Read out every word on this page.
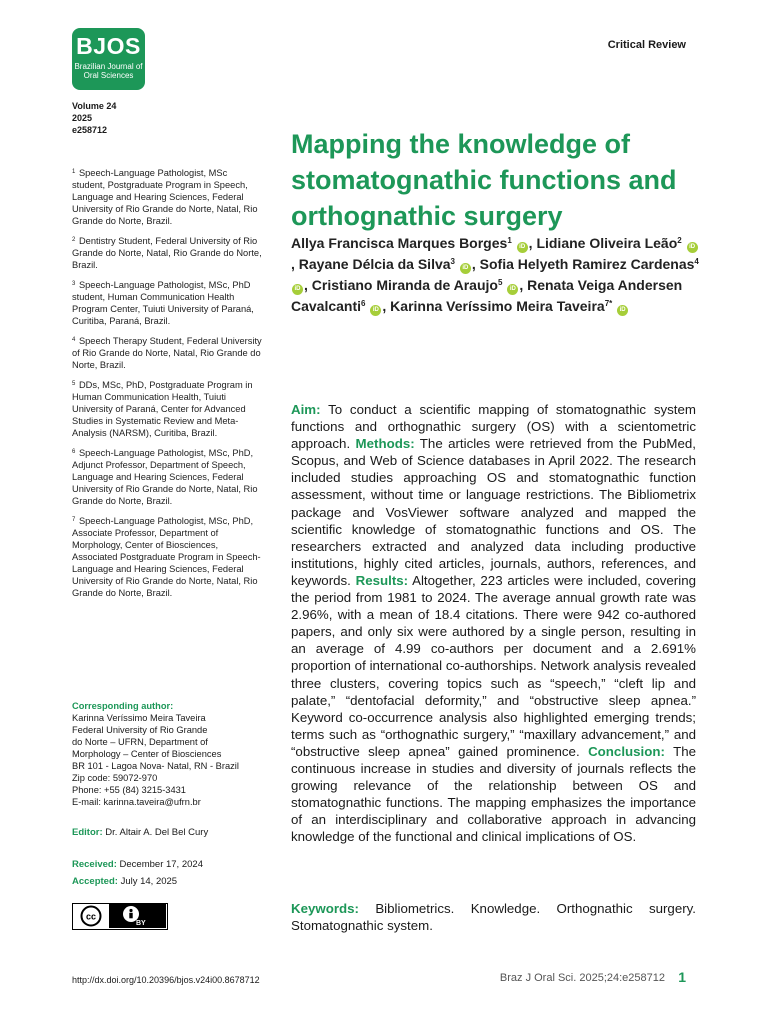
BJOS
Brazilian Journal of Oral Sciences
Critical Review
Volume 24
2025
e258712
$^1$ Speech-Language Pathologist, MSc student, Postgraduate Program in Speech, Language and Hearing Sciences, Federal University of Rio Grande do Norte, Natal, Rio Grande do Norte, Brazil.
$^2$ Dentistry Student, Federal University of Rio Grande do Norte, Natal, Rio Grande do Norte, Brazil.
$^3$ Speech-Language Pathologist, MSc, PhD student, Human Communication Health Program Center, Tuiuti University of Paraná, Curitiba, Paraná, Brazil.
$^4$ Speech Therapy Student, Federal University of Rio Grande do Norte, Natal, Rio Grande do Norte, Brazil.
$^5$ DDs, MSc, PhD, Postgraduate Program in Human Communication Health, Tuiuti University of Paraná, Center for Advanced Studies in Systematic Review and Meta-Analysis (NARSM), Curitiba, Brazil.
$^6$ Speech-Language Pathologist, MSc, PhD, Adjunct Professor, Department of Speech, Language and Hearing Sciences, Federal University of Rio Grande do Norte, Natal, Rio Grande do Norte, Brazil.
$^7$ Speech-Language Pathologist, MSc, PhD, Associate Professor, Department of Morphology, Center of Biosciences, Associated Postgraduate Program in Speech-Language and Hearing Sciences, Federal University of Rio Grande do Norte, Natal, Rio Grande do Norte, Brazil.
Corresponding author:
Karinna Veríssimo Meira Taveira
Federal University of Rio Grande
do Norte – UFRN, Department of
Morphology – Center of Biosciences
BR 101 - Lagoa Nova- Natal, RN - Brazil
Zip code: 59072-970
Phone: +55 (84) 3215-3431
E-mail: karinna.taveira@ufrn.br
Editor: Dr. Altair A. Del Bel Cury
Received: December 17, 2024
Accepted: July 14, 2025
cc
BY
Mapping the knowledge of stomatognathic functions and orthognathic surgery
Allya Francisca Marques Borges$^1$ iD , Lidiane Oliveira Leão$^2$ iD, Rayane Délcia da Silva$^3$ iD , Sofia Helyeth Ramirez Cardenas$^4$ iD , Cristiano Miranda de Araujo$^5$ iD , Renata Veiga Andersen Cavalcanti$^6$ iD , Karinna Veríssimo Meira Taveira$^{7*}$ iD
Aim: To conduct a scientific mapping of stomatognathic system functions and orthognathic surgery (OS) with a scientometric approach. Methods: The articles were retrieved from the PubMed, Scopus, and Web of Science databases in April 2022. The research included studies approaching OS and stomatognathic function assessment, without time or language restrictions. The Bibliometrix package and VosViewer software analyzed and mapped the scientific knowledge of stomatognathic functions and OS. The researchers extracted and analyzed data including productive institutions, highly cited articles, journals, authors, references, and keywords. Results: Altogether, 223 articles were included, covering the period from 1981 to 2024. The average annual growth rate was 2.96%, with a mean of 18.4 citations. There were 942 co-authored papers, and only six were authored by a single person, resulting in an average of 4.99 co-authors per document and a 2.691% proportion of international co-authorships. Network analysis revealed three clusters, covering topics such as “speech,” “cleft lip and palate,” “dentofacial deformity,” and “obstructive sleep apnea.” Keyword co-occurrence analysis also highlighted emerging trends; terms such as “orthognathic surgery,” “maxillary advancement,” and “obstructive sleep apnea” gained prominence. Conclusion: The continuous increase in studies and diversity of journals reflects the growing relevance of the relationship between OS and stomatognathic functions. The mapping emphasizes the importance of an interdisciplinary and collaborative approach in advancing knowledge of the functional and clinical implications of OS.
Keywords: Bibliometrics. Knowledge. Orthognathic surgery. Stomatognathic system.
http://dx.doi.org/10.20396/bjos.v24i00.8678712	Braz J Oral Sci. 2025;24:e258712 1
